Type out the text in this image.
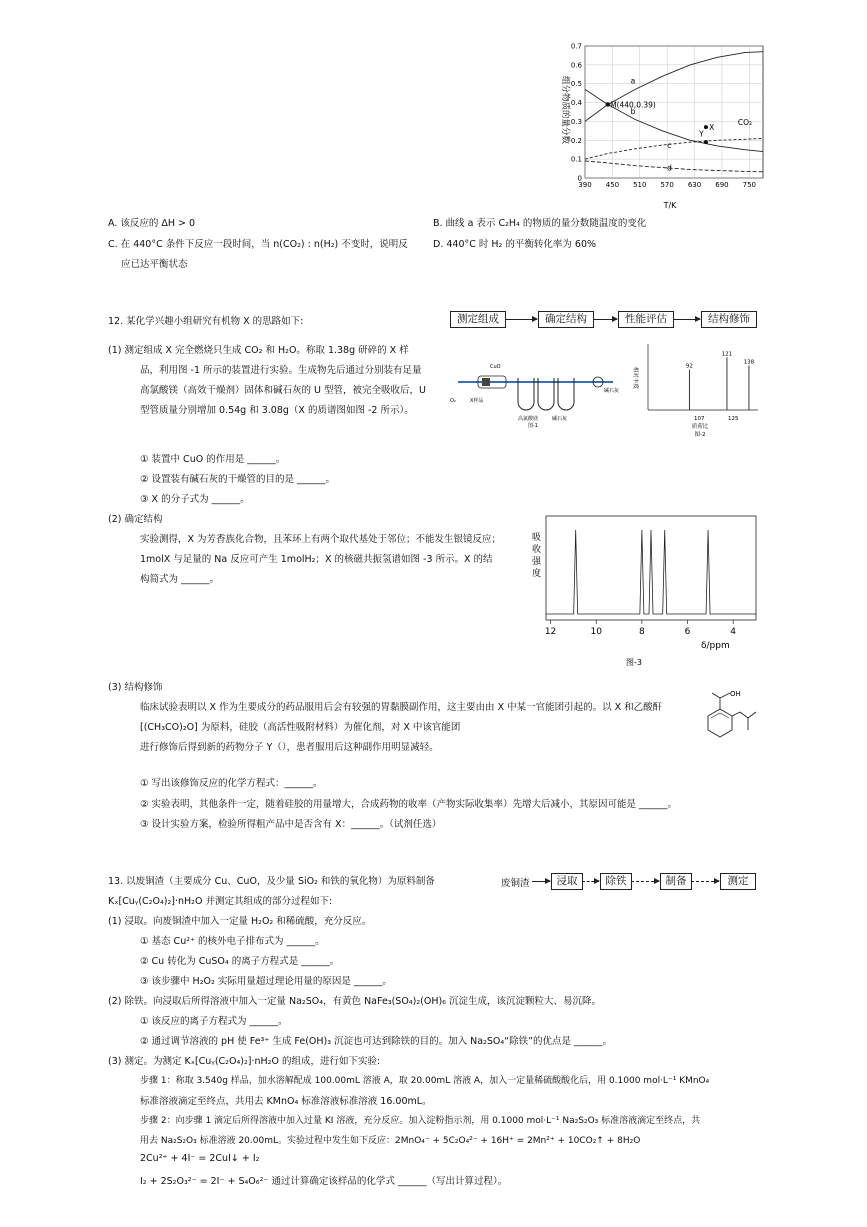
390 450 510 570 630 690 750
0
0.1
0.2
0.3
0.4
0.5
0.6
0.7
组分物质的量分数
T/K
a
b
c
d
M(440,0.39)
X
Y
CO₂
A. 该反应的 ΔH > 0	B. 曲线 a 表示 C₂H₄ 的物质的量分数随温度的变化
C. 在 440°C 条件下反应一段时间，当 n(CO₂) : n(H₂) 不变时，说明反
应已达平衡状态
D. 440°C 时 H₂ 的平衡转化率为 60%
12. 某化学兴趣小组研究有机物 X 的思路如下:	测定组成	确定结构	性能评估	结构修饰
(1) 测定组成 X 完全燃烧只生成 CO₂ 和 H₂O。称取 1.38g 研碎的 X 样
品，利用图 -1 所示的装置进行实验。生成物先后通过分别装有足量
高氯酸镁（高效干燥剂）固体和碱石灰的 U 型管，被完全吸收后，U
型管质量分别增加 0.54g 和 3.08g（X 的质谱图如图 -2 所示）。
O₂	X样品
CuO
高氯酸镁	碱石灰
碱石灰
图-1
相对丰度
92
121
138
107	125
质荷比
图-2
① 装置中 CuO 的作用是 ______。
② 设置装有碱石灰的干燥管的目的是 ______。
③ X 的分子式为 ______。
(2) 确定结构
实验测得，X 为芳香族化合物，且苯环上有两个取代基处于邻位；不能发生银镜反应；
1molX 与足量的 Na 反应可产生 1molH₂；X 的核磁共振氢谱如图 -3 所示。X 的结
构简式为 ______。
吸
收
强
度
12	10	8	6	4
δ/ppm
图-3
(3) 结构修饰
临床试验表明以 X 作为生要成分的药品服用后会有较强的胃黏膜副作用，这主要由由 X 中某一官能团引起的。以 X 和乙酸酐
[(CH₃CO)₂O] 为原料，硅胶（高活性吸附材料）为催化剂，对 X 中该官能团
进行修饰后得到新的药物分子 Y（），患者服用后这种副作用明显减轻。
OH
① 写出该修饰反应的化学方程式：______。
② 实验表明，其他条件一定，随着硅胶的用量增大，合成药物的收率（产物实际收集率）先增大后减小，其原因可能是 ______。
③ 设计实验方案，检验所得粗产品中是否含有 X：______。（试剂任选）
13. 以废铜渣（主要成分 Cu、CuO，及少量 SiO₂ 和铁的氧化物）为原料制备
Kₓ[Cuᵧ(C₂O₄)₂]·nH₂O 并测定其组成的部分过程如下:
废铜渣	浸取	除铁	制备	测定
(1) 浸取。向废铜渣中加入一定量 H₂O₂ 和稀硫酸，充分反应。
① 基态 Cu²⁺ 的核外电子排布式为 ______。
② Cu 转化为 CuSO₄ 的离子方程式是 ______。
③ 该步骤中 H₂O₂ 实际用量超过理论用量的原因是 ______。
(2) 除铁。向浸取后所得溶液中加入一定量 Na₂SO₄，有黄色 NaFe₃(SO₄)₂(OH)₆ 沉淀生成，该沉淀颗粒大、易沉降。
① 该反应的离子方程式为 ______。
② 通过调节溶液的 pH 使 Fe³⁺ 生成 Fe(OH)₃ 沉淀也可达到除铁的目的。加入 Na₂SO₄“除铁”的优点是 ______。
(3) 测定。为测定 Kₓ[Cuᵧ(C₂O₄)₂]·nH₂O 的组成，进行如下实验:
步骤 1：称取 3.540g 样品，加水溶解配成 100.00mL 溶液 A，取 20.00mL 溶液 A，加入一定量稀硫酸酸化后，用 0.1000 mol·L⁻¹ KMnO₄
标准溶液滴定至终点，共用去 KMnO₄ 标准溶液标准溶液 16.00mL。
步骤 2：向步骤 1 滴定后所得溶液中加入过量 KI 溶液，充分反应。加入淀粉指示剂，用 0.1000 mol·L⁻¹ Na₂S₂O₃ 标准溶液滴定至终点，共
用去 Na₂S₂O₃ 标准溶液 20.00mL。实验过程中发生如下反应：2MnO₄⁻ + 5C₂O₄²⁻ + 16H⁺ = 2Mn²⁺ + 10CO₂↑ + 8H₂O
2Cu²⁺ + 4I⁻ = 2CuI↓ + I₂
I₂ + 2S₂O₃²⁻ = 2I⁻ + S₄O₆²⁻ 通过计算确定该样品的化学式 ______（写出计算过程）。
